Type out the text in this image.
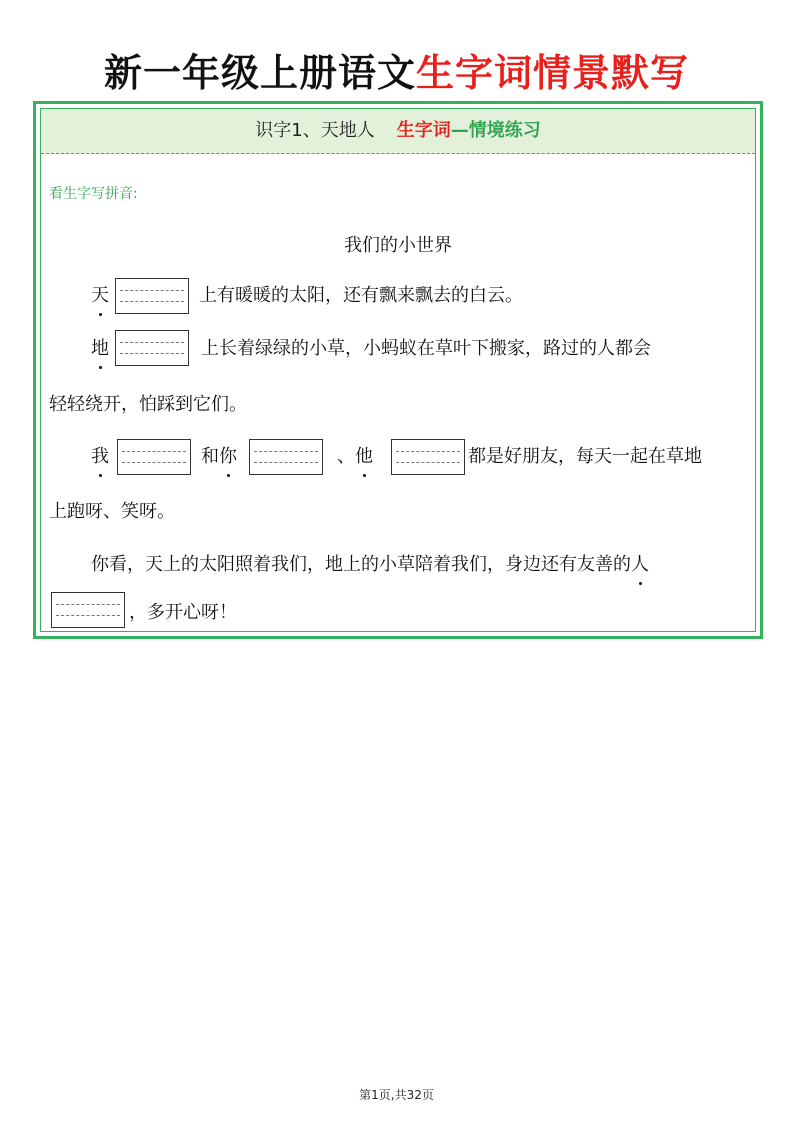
新一年级上册语文生字词情景默写
识字1、天地人 生字词—情境练习
看生字写拼音:
我们的小世界
天	上有暖暖的太阳，还有飘来飘去的白云。
地	上长着绿绿的小草，小蚂蚁在草叶下搬家，路过的人都会
轻轻绕开，怕踩到它们。
我	和你	、他	都是好朋友，每天一起在草地
上跑呀、笑呀。
你看，天上的太阳照着我们，地上的小草陪着我们，身边还有友善的人
，多开心呀！
第1页,共32页
